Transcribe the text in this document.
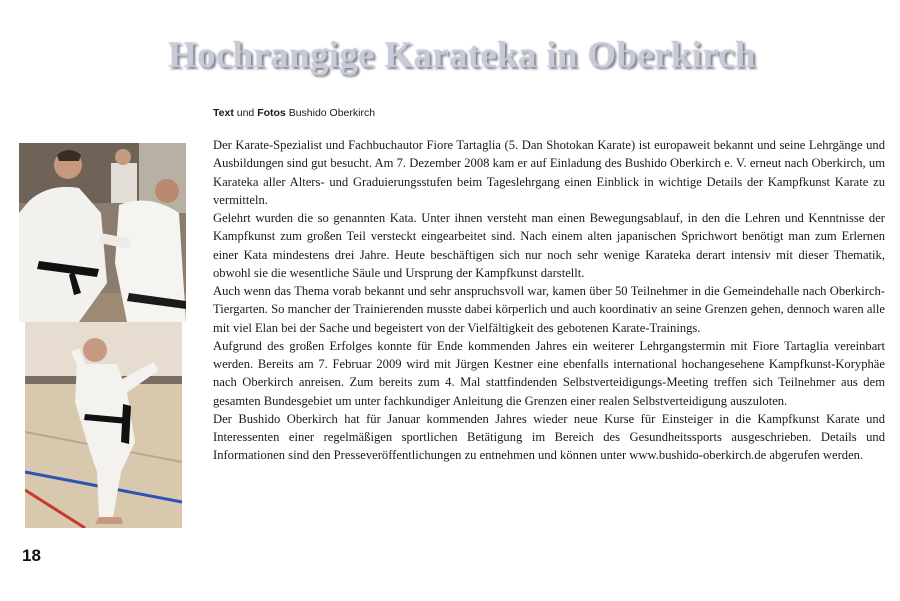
Hochrangige Karateka in Oberkirch
Text und Fotos Bushido Oberkirch

Der Karate-Spezialist und Fachbuchautor Fiore Tartaglia (5. Dan Shotokan Karate) ist europaweit bekannt und seine Lehrgänge und Ausbildungen sind gut besucht. Am 7. Dezember 2008 kam er auf Einladung des Bushido Oberkirch e. V. erneut nach Oberkirch, um Karateka aller Alters- und Graduierungsstufen beim Tageslehrgang einen Einblick in wichtige Details der Kampfkunst Karate zu vermitteln.

Gelehrt wurden die so genannten Kata. Unter ihnen versteht man einen Bewegungsablauf, in den die Lehren und Kenntnisse der Kampfkunst zum großen Teil versteckt eingearbeitet sind. Nach einem alten japanischen Sprichwort benötigt man zum Erlernen einer Kata mindestens drei Jahre. Heute beschäftigen sich nur noch sehr wenige Karateka derart intensiv mit dieser Thematik, obwohl sie die wesentliche Säule und Ursprung der Kampfkunst darstellt.

Auch wenn das Thema vorab bekannt und sehr anspruchsvoll war, kamen über 50 Teilnehmer in die Gemeindehalle nach Oberkirch-Tiergarten. So mancher der Trainierenden musste dabei körperlich und auch koordinativ an seine Grenzen gehen, dennoch waren alle mit viel Elan bei der Sache und begeistert von der Vielfältigkeit des gebotenen Karate-Trainings.

Aufgrund des großen Erfolges konnte für Ende kommenden Jahres ein weiterer Lehrgangstermin mit Fiore Tartaglia vereinbart werden. Bereits am 7. Februar 2009 wird mit Jürgen Kestner eine ebenfalls international hochangesehene Kampfkunst-Koryphäe nach Oberkirch anreisen. Zum bereits zum 4. Mal stattfindenden Selbstverteidigungs-Meeting treffen sich Teilnehmer aus dem gesamten Bundesgebiet um unter fachkundiger Anleitung die Grenzen einer realen Selbstverteidigung auszuloten.

Der Bushido Oberkirch hat für Januar kommenden Jahres wieder neue Kurse für Einsteiger in die Kampfkunst Karate und Interessenten einer regelmäßigen sportlichen Betätigung im Bereich des Gesundheitssports ausgeschrieben. Details und Informationen sind den Presseveröffentlichungen zu entnehmen und können unter www.bushido-oberkirch.de abgerufen werden.

18
